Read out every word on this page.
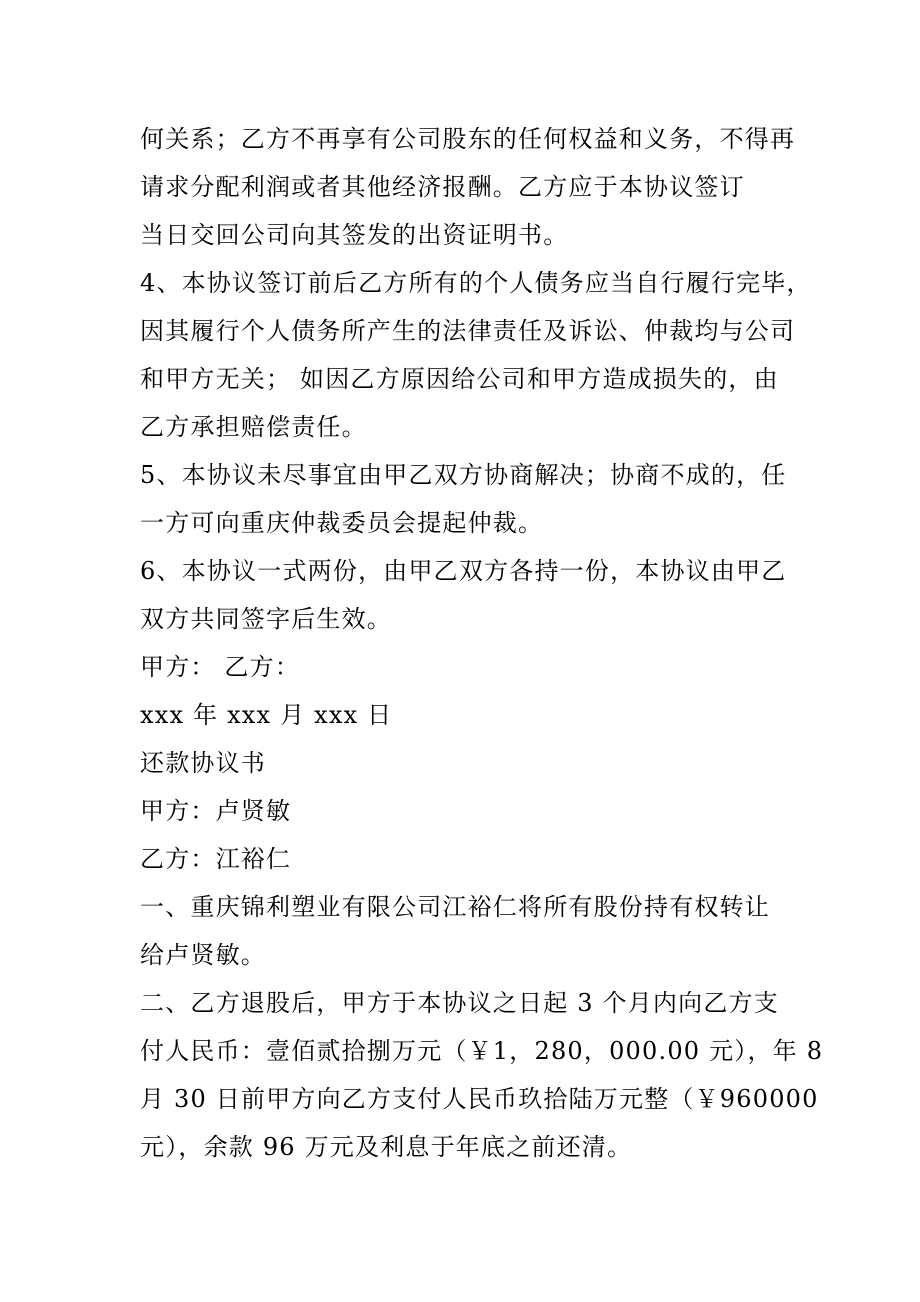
何关系；乙方不再享有公司股东的任何权益和义务，不得再
请求分配利润或者其他经济报酬。乙方应于本协议签订
当日交回公司向其签发的出资证明书。
4、本协议签订前后乙方所有的个人债务应当自行履行完毕，
因其履行个人债务所产生的法律责任及诉讼、仲裁均与公司
和甲方无关； 如因乙方原因给公司和甲方造成损失的，由
乙方承担赔偿责任。
5、本协议未尽事宜由甲乙双方协商解决；协商不成的，任
一方可向重庆仲裁委员会提起仲裁。
6、本协议一式两份，由甲乙双方各持一份，本协议由甲乙
双方共同签字后生效。
甲方： 乙方：
xxx 年 xxx 月 xxx 日
还款协议书
甲方：卢贤敏
乙方：江裕仁
一、重庆锦利塑业有限公司江裕仁将所有股份持有权转让
给卢贤敏。
二、乙方退股后，甲方于本协议之日起 3 个月内向乙方支
付人民币：壹佰贰拾捌万元（￥1，280，000.00 元），年 8
月 30 日前甲方向乙方支付人民币玖拾陆万元整（￥960000
元），余款 96 万元及利息于年底之前还清。
